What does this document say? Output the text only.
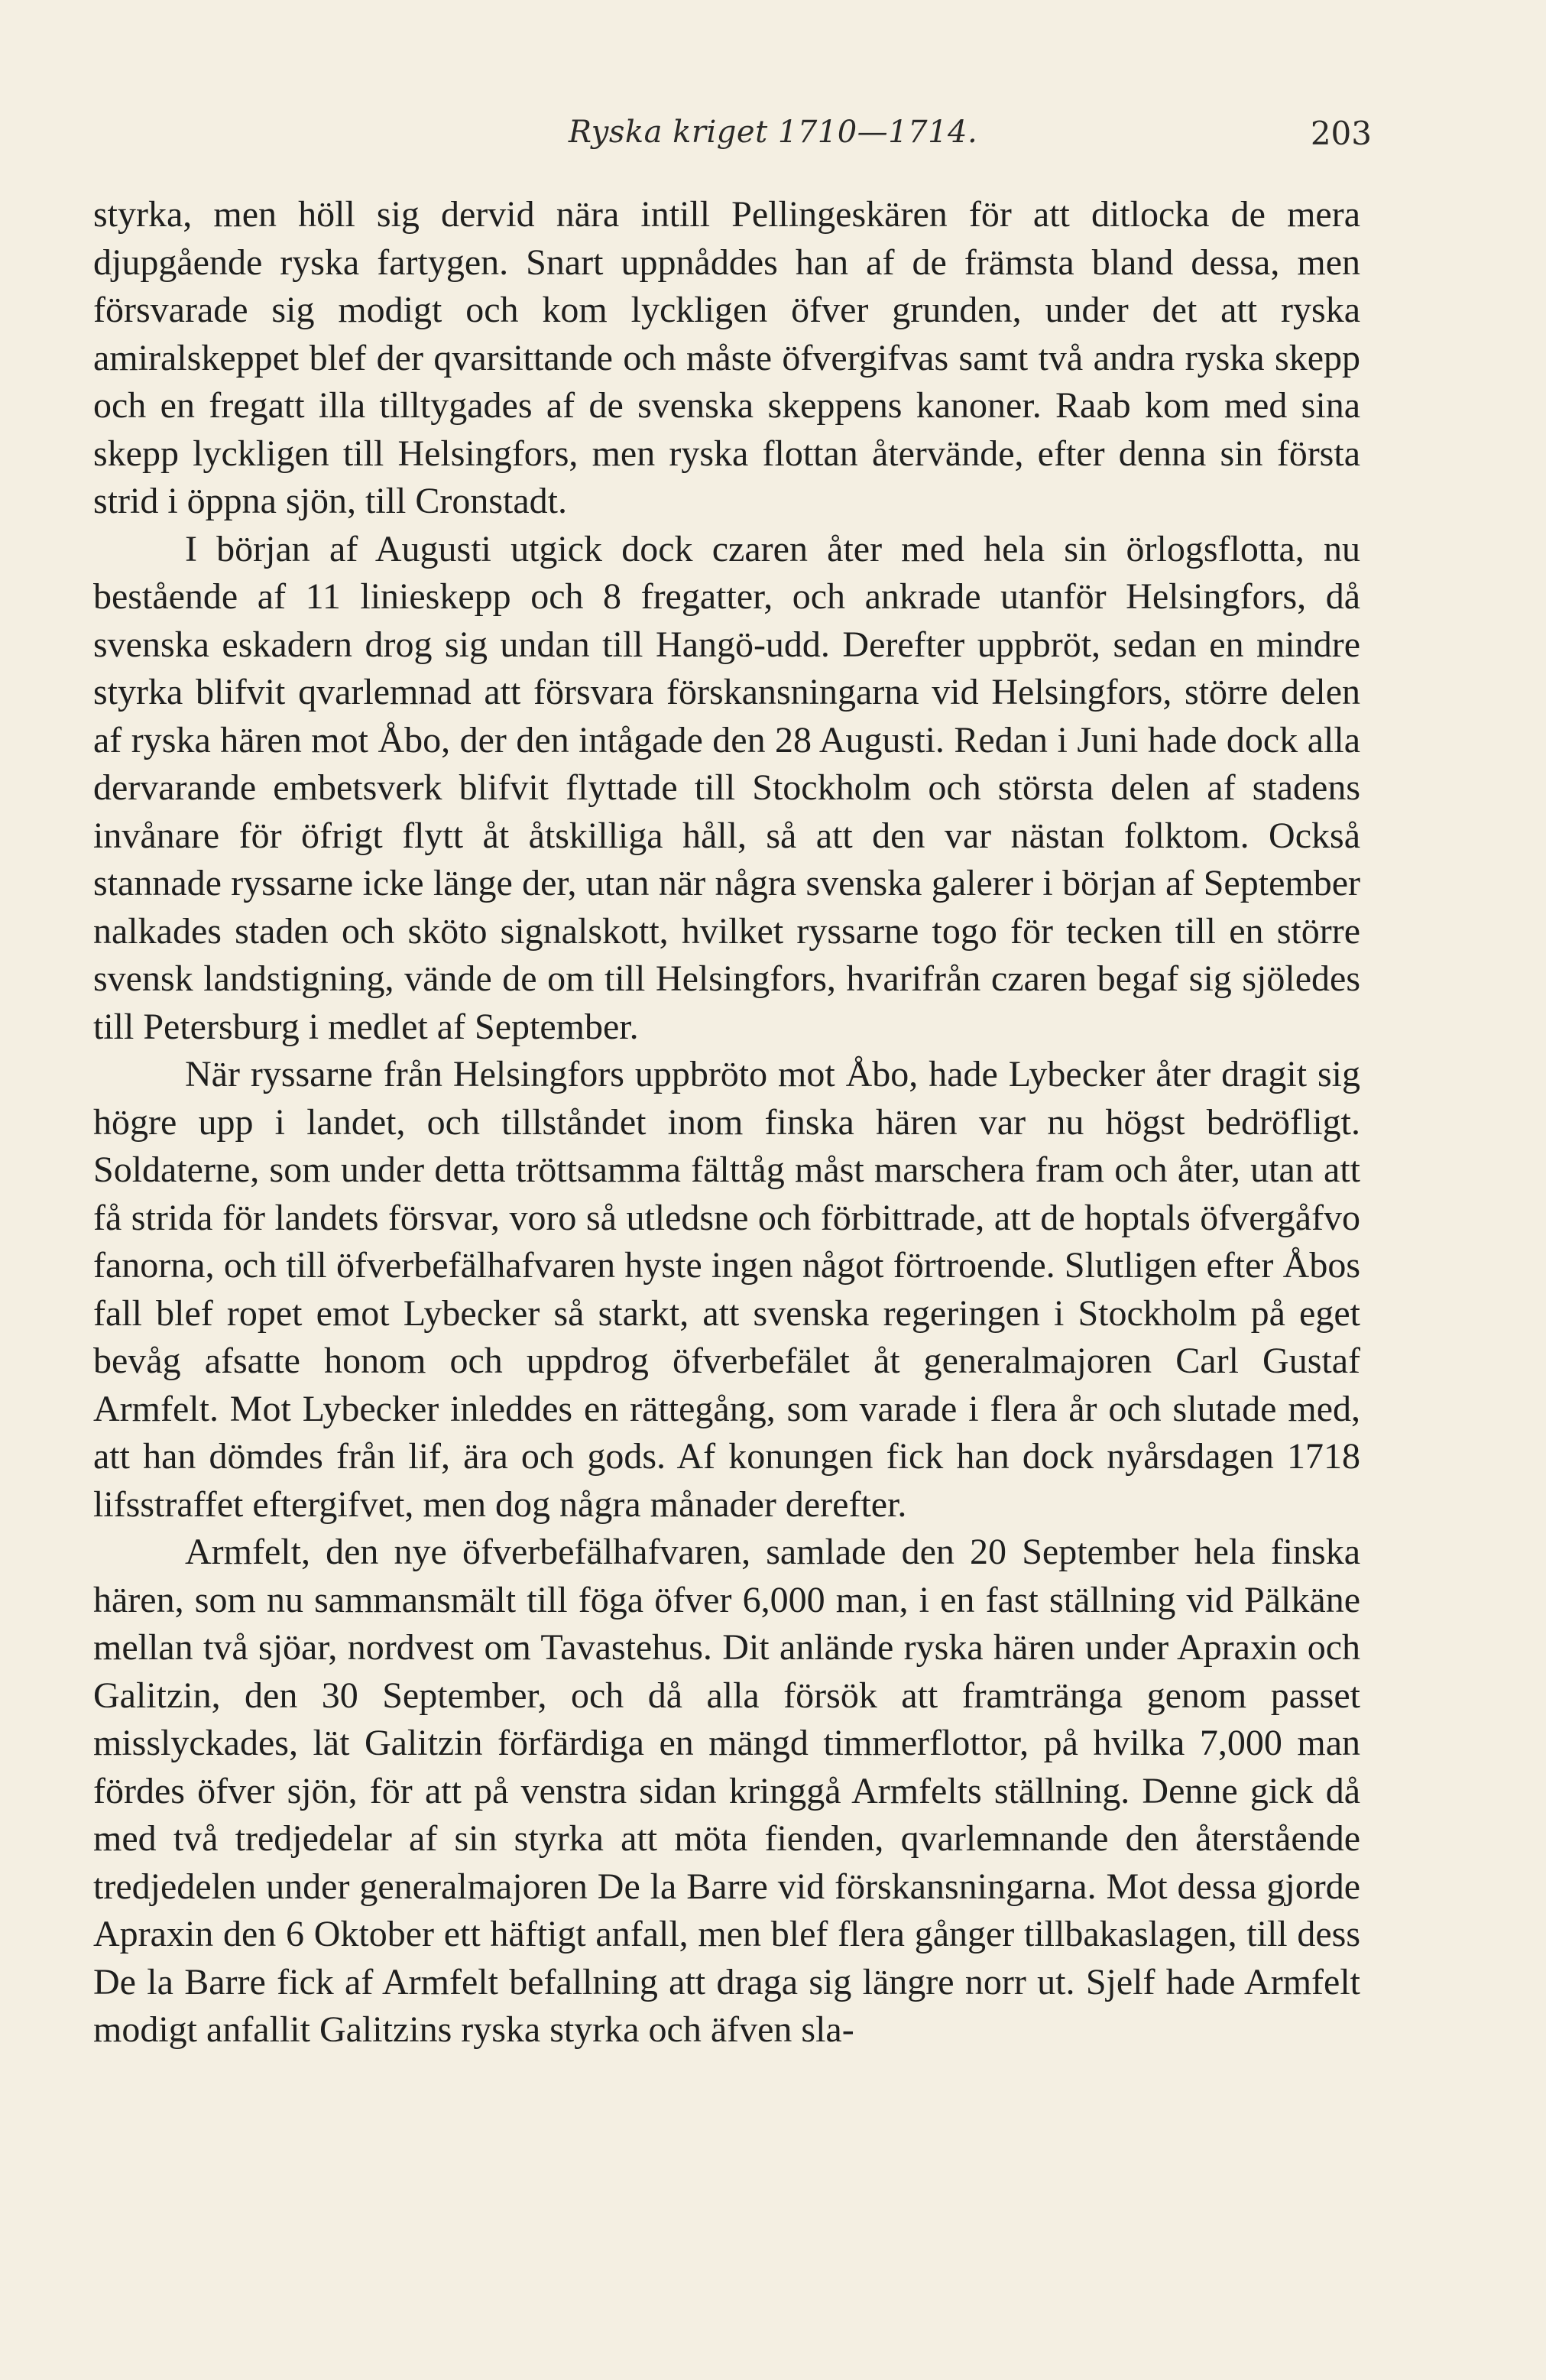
Ryska kriget 1710—1714.	203

styrka, men höll sig dervid nära intill Pellingeskären för att ditlocka de mera djupgående ryska fartygen. Snart uppnåddes han af de främsta bland dessa, men försvarade sig modigt och kom lyckligen öfver grunden, under det att ryska amiralskeppet blef der qvarsittande och måste öfvergifvas samt två andra ryska skepp och en fregatt illa tilltygades af de svenska skeppens kanoner. Raab kom med sina skepp lyckligen till Helsingfors, men ryska flottan återvände, efter denna sin första strid i öppna sjön, till Cronstadt.

I början af Augusti utgick dock czaren åter med hela sin örlogsflotta, nu bestående af 11 linieskepp och 8 fregatter, och ankrade utanför Helsingfors, då svenska eskadern drog sig undan till Hangö-udd. Derefter uppbröt, sedan en mindre styrka blifvit qvarlemnad att försvara förskansningarna vid Helsingfors, större delen af ryska hären mot Åbo, der den intågade den 28 Augusti. Redan i Juni hade dock alla dervarande embetsverk blifvit flyttade till Stockholm och största delen af stadens invånare för öfrigt flytt åt åtskilliga håll, så att den var nästan folktom. Också stannade ryssarne icke länge der, utan när några svenska galerer i början af September nalkades staden och sköto signalskott, hvilket ryssarne togo för tecken till en större svensk landstigning, vände de om till Helsingfors, hvarifrån czaren begaf sig sjöledes till Petersburg i medlet af September.

När ryssarne från Helsingfors uppbröto mot Åbo, hade Lybecker åter dragit sig högre upp i landet, och tillståndet inom finska hären var nu högst bedröfligt. Soldaterne, som under detta tröttsamma fälttåg måst marschera fram och åter, utan att få strida för landets försvar, voro så utledsne och förbittrade, att de hoptals öfvergåfvo fanorna, och till öfverbefälhafvaren hyste ingen något förtroende. Slutligen efter Åbos fall blef ropet emot Lybecker så starkt, att svenska regeringen i Stockholm på eget bevåg afsatte honom och uppdrog öfverbefälet åt generalmajoren Carl Gustaf Armfelt. Mot Lybecker inleddes en rättegång, som varade i flera år och slutade med, att han dömdes från lif, ära och gods. Af konungen fick han dock nyårsdagen 1718 lifsstraffet eftergifvet, men dog några månader derefter.

Armfelt, den nye öfverbefälhafvaren, samlade den 20 September hela finska hären, som nu sammansmält till föga öfver 6,000 man, i en fast ställning vid Pälkäne mellan två sjöar, nordvest om Tavastehus. Dit anlände ryska hären under Apraxin och Galitzin, den 30 September, och då alla försök att framtränga genom passet misslyckades, lät Galitzin förfärdiga en mängd timmerflottor, på hvilka 7,000 man fördes öfver sjön, för att på venstra sidan kringgå Armfelts ställning. Denne gick då med två tredjedelar af sin styrka att möta fienden, qvarlemnande den återstående tredjedelen under generalmajoren De la Barre vid förskansningarna. Mot dessa gjorde Apraxin den 6 Oktober ett häftigt anfall, men blef flera gånger tillbakaslagen, till dess De la Barre fick af Armfelt befallning att draga sig längre norr ut. Sjelf hade Armfelt modigt anfallit Galitzins ryska styrka och äfven sla-
